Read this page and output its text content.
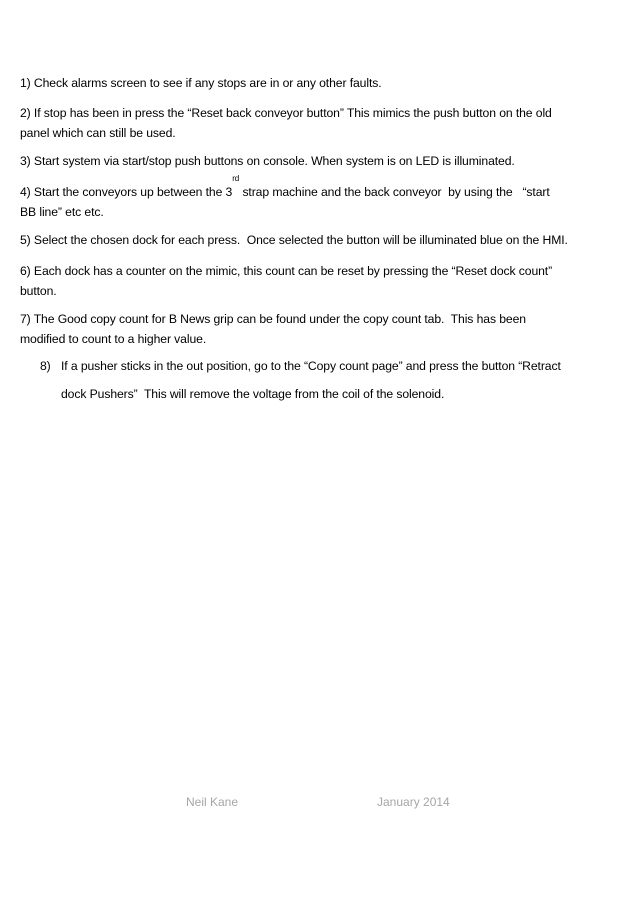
1) Check alarms screen to see if any stops are in or any other faults.
2) If stop has been in press the “Reset back conveyor button” This mimics the push button on the old
panel which can still be used.
3) Start system via start/stop push buttons on console. When system is on LED is illuminated.
4) Start the conveyors up between the 3rd strap machine and the back conveyor  by using the   “start
BB line” etc etc.
5) Select the chosen dock for each press.  Once selected the button will be illuminated blue on the HMI.
6) Each dock has a counter on the mimic, this count can be reset by pressing the “Reset dock count”
button.
7) The Good copy count for B News grip can be found under the copy count tab.  This has been
modified to count to a higher value.
8) If a pusher sticks in the out position, go to the “Copy count page” and press the button “Retract
dock Pushers”  This will remove the voltage from the coil of the solenoid.
Neil Kane	January 2014
